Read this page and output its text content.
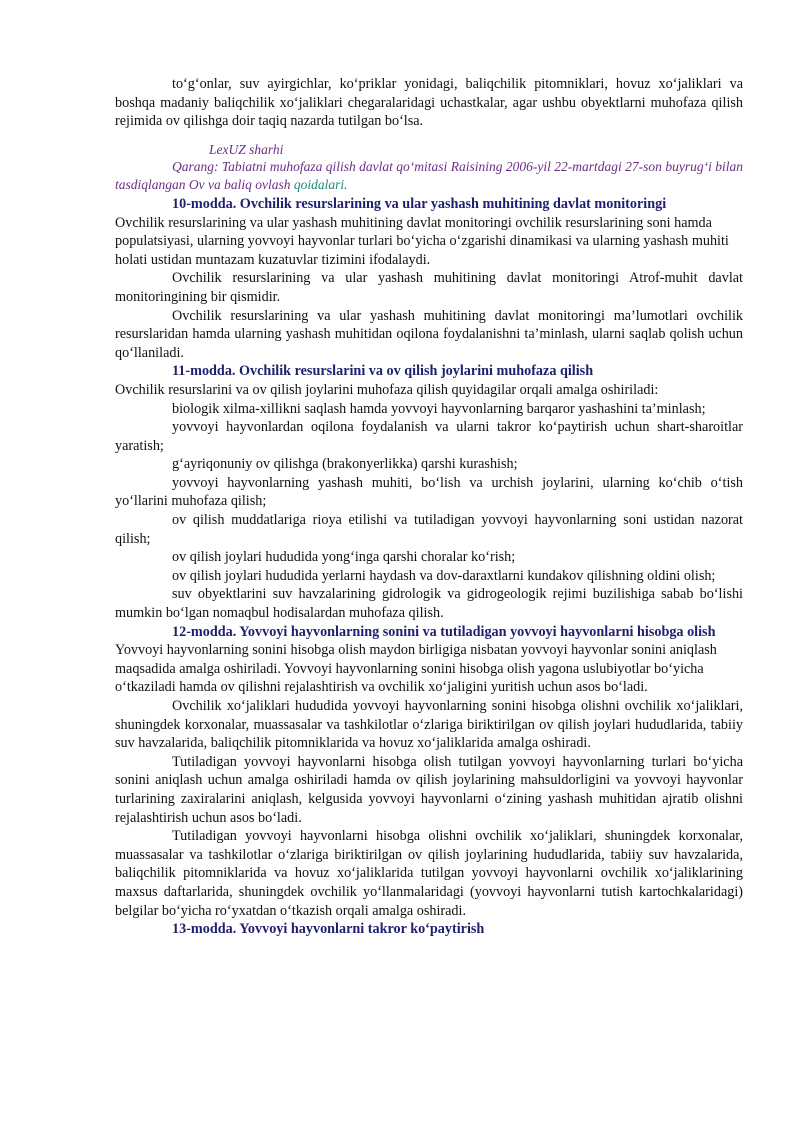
to‘g‘onlar, suv ayirgichlar, ko‘priklar yonidagi, baliqchilik pitomniklari, hovuz xo‘jaliklari va boshqa madaniy baliqchilik xo‘jaliklari chegaralaridagi uchastkalar, agar ushbu obyektlarni muhofaza qilish rejimida ov qilishga doir taqiq nazarda tutilgan bo‘lsa.

LexUZ sharhi

Qarang: Tabiatni muhofaza qilish davlat qo‘mitasi Raisining 2006-yil 22-martdagi 27-son buyrug‘i bilan tasdiqlangan Ov va baliq ovlash qoidalari.

10-modda. Ovchilik resurslarining va ular yashash muhitining davlat monitoringi

Ovchilik resurslarining va ular yashash muhitining davlat monitoringi ovchilik resurslarining soni hamda populatsiyasi, ularning yovvoyi hayvonlar turlari bo‘yicha o‘zgarishi dinamikasi va ularning yashash muhiti holati ustidan muntazam kuzatuvlar tizimini ifodalaydi.

Ovchilik resurslarining va ular yashash muhitining davlat monitoringi Atrof-muhit davlat monitoringining bir qismidir.

Ovchilik resurslarining va ular yashash muhitining davlat monitoringi ma’lumotlari ovchilik resurslaridan hamda ularning yashash muhitidan oqilona foydalanishni ta’minlash, ularni saqlab qolish uchun qo‘llaniladi.

11-modda. Ovchilik resurslarini va ov qilish joylarini muhofaza qilish

Ovchilik resurslarini va ov qilish joylarini muhofaza qilish quyidagilar orqali amalga oshiriladi:

biologik xilma-xillikni saqlash hamda yovvoyi hayvonlarning barqaror yashashini ta’minlash;

yovvoyi hayvonlardan oqilona foydalanish va ularni takror ko‘paytirish uchun shart-sharoitlar yaratish;

g‘ayriqonuniy ov qilishga (brakonyerlikka) qarshi kurashish;

yovvoyi hayvonlarning yashash muhiti, bo‘lish va urchish joylarini, ularning ko‘chib o‘tish yo‘llarini muhofaza qilish;

ov qilish muddatlariga rioya etilishi va tutiladigan yovvoyi hayvonlarning soni ustidan nazorat qilish;

ov qilish joylari hududida yong‘inga qarshi choralar ko‘rish;

ov qilish joylari hududida yerlarni haydash va dov-daraxtlarni kundakov qilishning oldini olish;

suv obyektlarini suv havzalarining gidrologik va gidrogeologik rejimi buzilishiga sabab bo‘lishi mumkin bo‘lgan nomaqbul hodisalardan muhofaza qilish.

12-modda. Yovvoyi hayvonlarning sonini va tutiladigan yovvoyi hayvonlarni hisobga olish

Yovvoyi hayvonlarning sonini hisobga olish maydon birligiga nisbatan yovvoyi hayvonlar sonini aniqlash maqsadida amalga oshiriladi. Yovvoyi hayvonlarning sonini hisobga olish yagona uslubiyotlar bo‘yicha o‘tkaziladi hamda ov qilishni rejalashtirish va ovchilik xo‘jaligini yuritish uchun asos bo‘ladi.

Ovchilik xo‘jaliklari hududida yovvoyi hayvonlarning sonini hisobga olishni ovchilik xo‘jaliklari, shuningdek korxonalar, muassasalar va tashkilotlar o‘zlariga biriktirilgan ov qilish joylari hududlarida, tabiiy suv havzalarida, baliqchilik pitomniklarida va hovuz xo‘jaliklarida amalga oshiradi.

Tutiladigan yovvoyi hayvonlarni hisobga olish tutilgan yovvoyi hayvonlarning turlari bo‘yicha sonini aniqlash uchun amalga oshiriladi hamda ov qilish joylarining mahsuldorligini va yovvoyi hayvonlar turlarining zaxiralarini aniqlash, kelgusida yovvoyi hayvonlarni o‘zining yashash muhitidan ajratib olishni rejalashtirish uchun asos bo‘ladi.

Tutiladigan yovvoyi hayvonlarni hisobga olishni ovchilik xo‘jaliklari, shuningdek korxonalar, muassasalar va tashkilotlar o‘zlariga biriktirilgan ov qilish joylarining hududlarida, tabiiy suv havzalarida, baliqchilik pitomniklarida va hovuz xo‘jaliklarida tutilgan yovvoyi hayvonlarni ovchilik xo‘jaliklarining maxsus daftarlarida, shuningdek ovchilik yo‘llanmalaridagi (yovvoyi hayvonlarni tutish kartochkalaridagi) belgilar bo‘yicha ro‘yxatdan o‘tkazish orqali amalga oshiradi.

13-modda. Yovvoyi hayvonlarni takror ko‘paytirish
